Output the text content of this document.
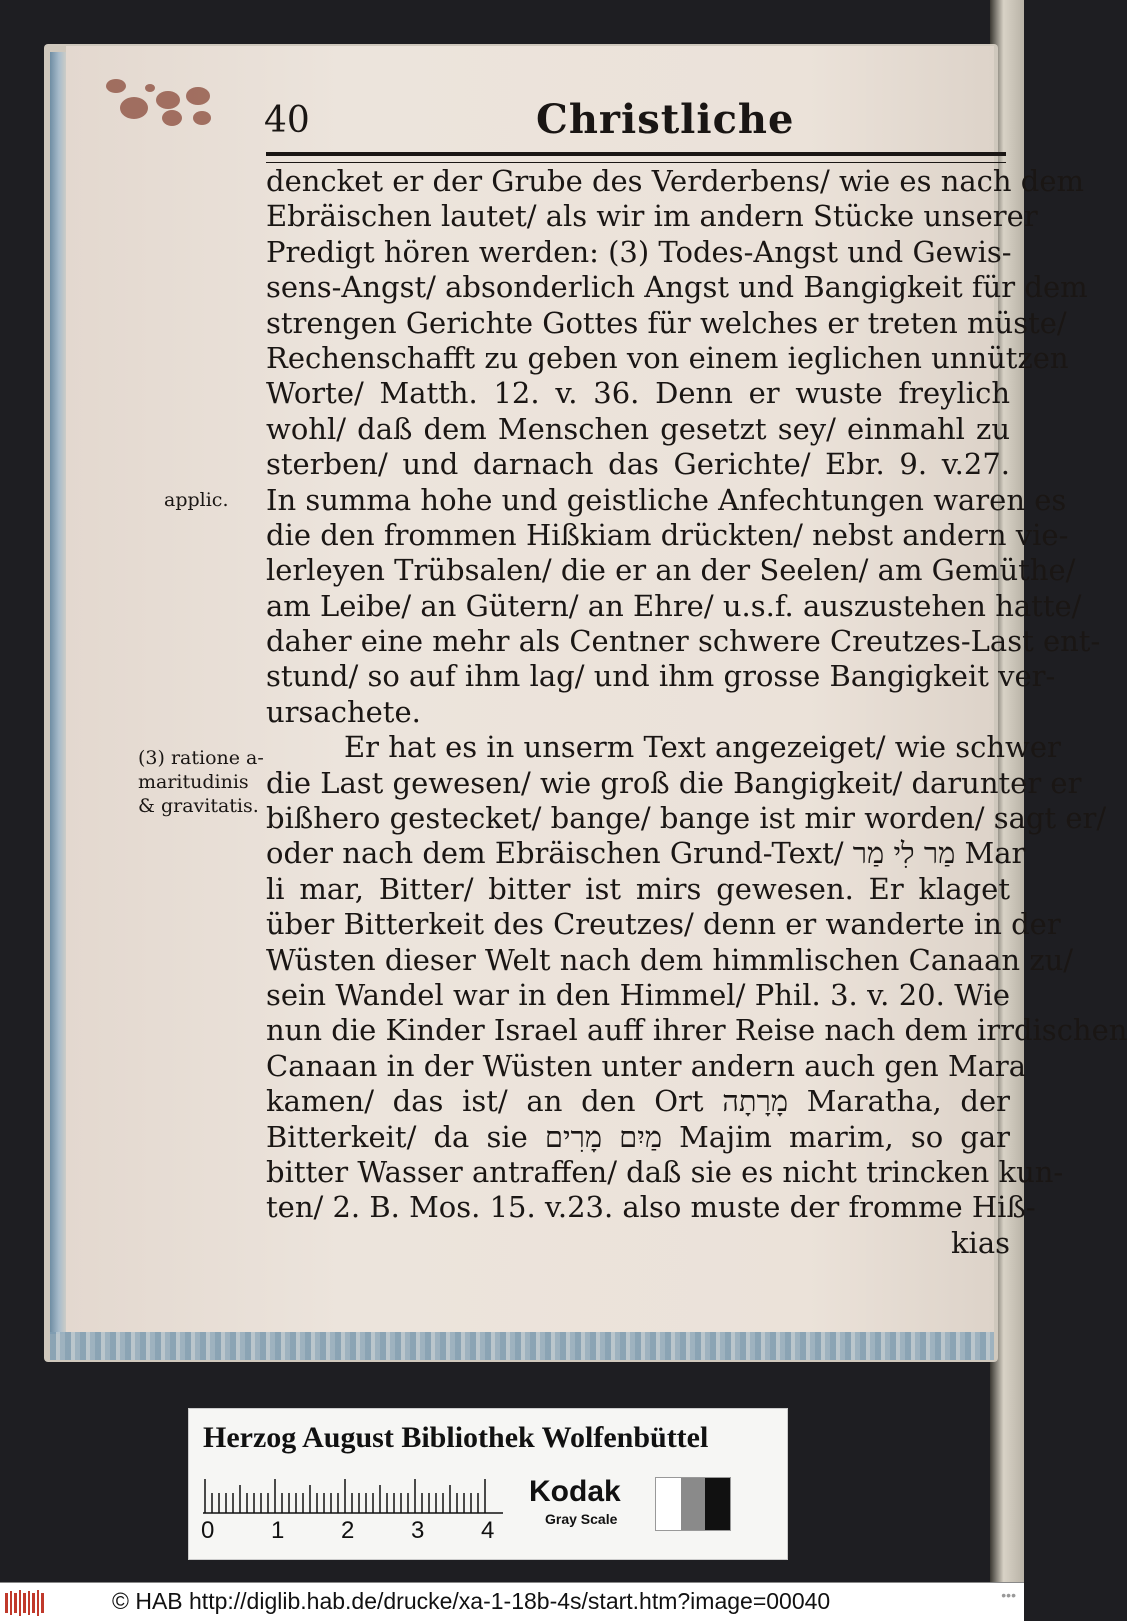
40	Christliche
applic.
(3) ratione a-
maritudinis
& gravitatis.
dencket er der Grube des Verderbens/ wie es nach dem
Ebräischen lautet/ als wir im andern Stücke unserer
Predigt hören werden: (3) Todes-Angst und Gewis-
sens-Angst/ absonderlich Angst und Bangigkeit für dem
strengen Gerichte Gottes für welches er treten müste/
Rechenschafft zu geben von einem ieglichen unnützen
Worte/ Matth. 12. v. 36. Denn er wuste freylich
wohl/ daß dem Menschen gesetzt sey/ einmahl zu
sterben/ und darnach das Gerichte/ Ebr. 9. v.27.
In summa hohe und geistliche Anfechtungen waren es
die den frommen Hißkiam drückten/ nebst andern vie-
lerleyen Trübsalen/ die er an der Seelen/ am Gemüthe/
am Leibe/ an Gütern/ an Ehre/ u.s.f. auszustehen hatte/
daher eine mehr als Centner schwere Creutzes-Last ent-
stund/ so auf ihm lag/ und ihm grosse Bangigkeit ver-
ursachete.
Er hat es in unserm Text angezeiget/ wie schwer
die Last gewesen/ wie groß die Bangigkeit/ darunter er
bißhero gestecket/ bange/ bange ist mir worden/ sagt er/
oder nach dem Ebräischen Grund-Text/ מַר לִי מַר Mar
li mar, Bitter/ bitter ist mirs gewesen. Er klaget
über Bitterkeit des Creutzes/ denn er wanderte in der
Wüsten dieser Welt nach dem himmlischen Canaan zu/
sein Wandel war in den Himmel/ Phil. 3. v. 20. Wie
nun die Kinder Israel auff ihrer Reise nach dem irrdischen
Canaan in der Wüsten unter andern auch gen Mara
kamen/ das ist/ an den Ort מָרָתָה Maratha, der
Bitterkeit/ da sie מַיִם מָרִים Majim marim, so gar
bitter Wasser antraffen/ daß sie es nicht trincken kun-
ten/ 2. B. Mos. 15. v.23. also muste der fromme Hiß-
kias
Herzog August Bibliothek Wolfenbüttel
0 1 2 3 4
Kodak
Gray Scale
© HAB http://diglib.hab.de/drucke/xa-1-18b-4s/start.htm?image=00040	•••
